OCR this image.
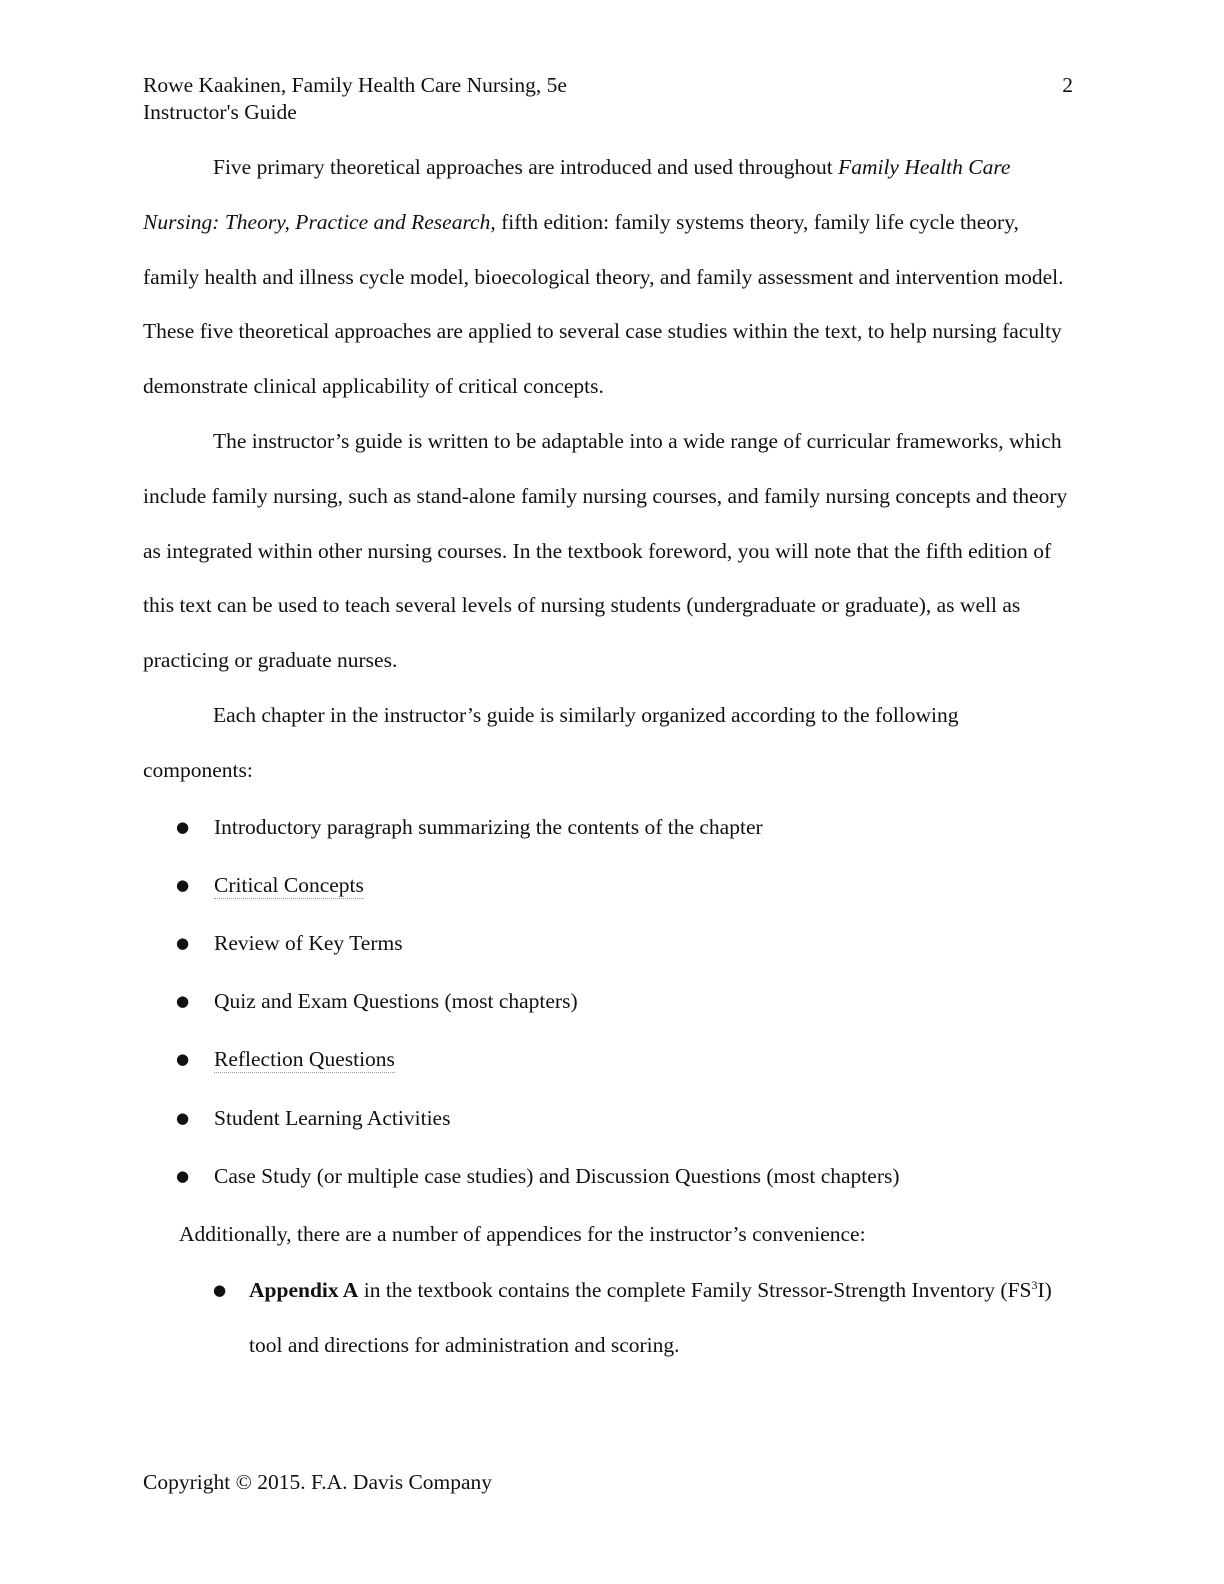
Rowe Kaakinen, Family Health Care Nursing, 5e	2
Instructor's Guide

Five primary theoretical approaches are introduced and used throughout Family Health Care Nursing: Theory, Practice and Research, fifth edition: family systems theory, family life cycle theory, family health and illness cycle model, bioecological theory, and family assessment and intervention model. These five theoretical approaches are applied to several case studies within the text, to help nursing faculty demonstrate clinical applicability of critical concepts.

The instructor’s guide is written to be adaptable into a wide range of curricular frameworks, which include family nursing, such as stand-alone family nursing courses, and family nursing concepts and theory as integrated within other nursing courses. In the textbook foreword, you will note that the fifth edition of this text can be used to teach several levels of nursing students (undergraduate or graduate), as well as practicing or graduate nurses.

Each chapter in the instructor’s guide is similarly organized according to the following components:

● Introductory paragraph summarizing the contents of the chapter
● Critical Concepts
● Review of Key Terms
● Quiz and Exam Questions (most chapters)
● Reflection Questions
● Student Learning Activities
● Case Study (or multiple case studies) and Discussion Questions (most chapters)

Additionally, there are a number of appendices for the instructor’s convenience:

● Appendix A in the textbook contains the complete Family Stressor-Strength Inventory $(FS^3I)$ tool and directions for administration and scoring.
Copyright © 2015. F.A. Davis Company
